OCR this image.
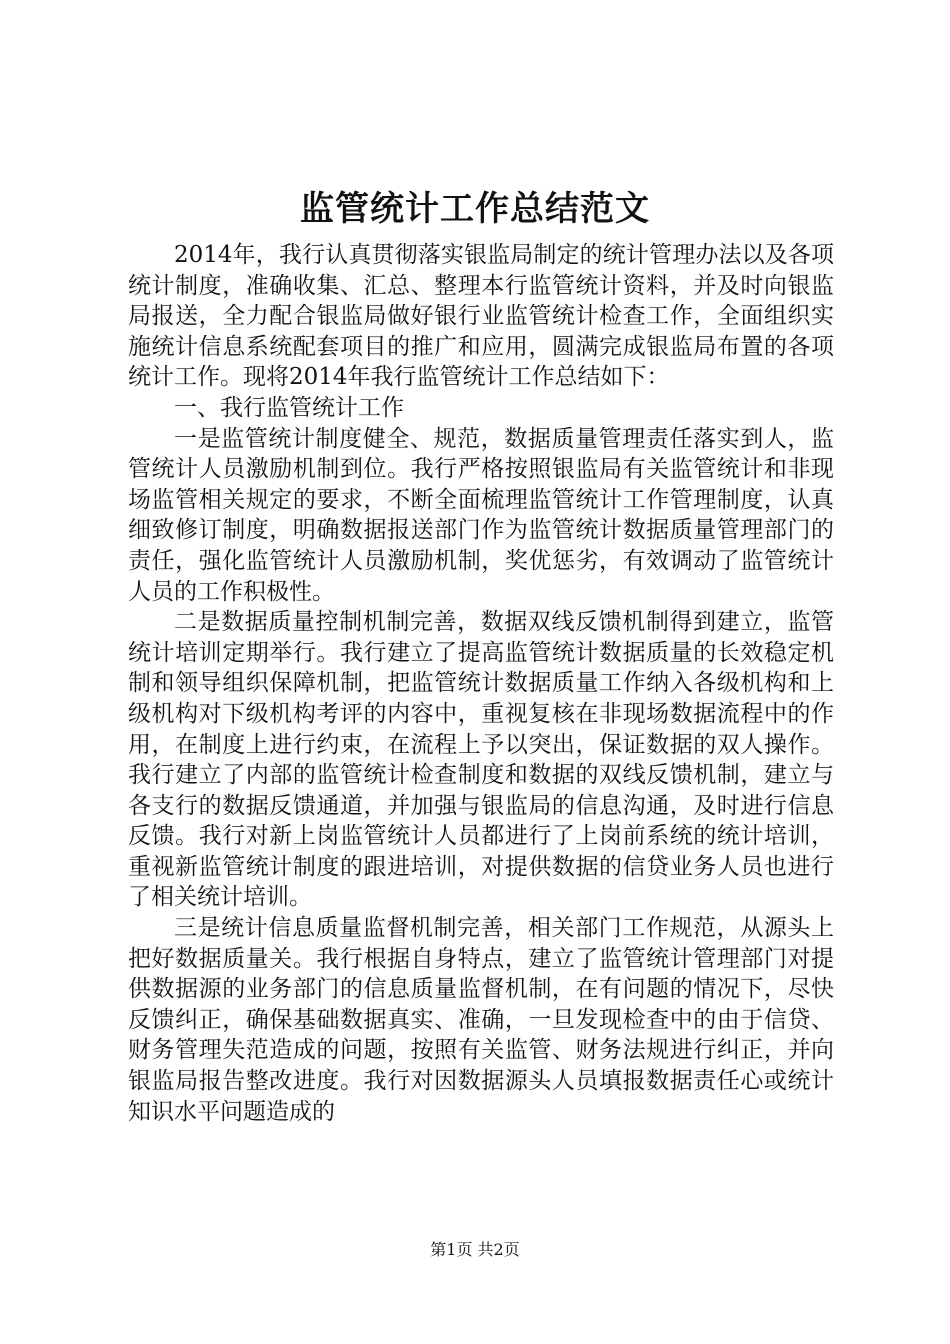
监管统计工作总结范文

2014年，我行认真贯彻落实银监局制定的统计管理办法以及各项统计制度，准确收集、汇总、整理本行监管统计资料，并及时向银监局报送，全力配合银监局做好银行业监管统计检查工作，全面组织实施统计信息系统配套项目的推广和应用，圆满完成银监局布置的各项统计工作。现将2014年我行监管统计工作总结如下：

一、我行监管统计工作

一是监管统计制度健全、规范，数据质量管理责任落实到人，监管统计人员激励机制到位。我行严格按照银监局有关监管统计和非现场监管相关规定的要求，不断全面梳理监管统计工作管理制度，认真细致修订制度，明确数据报送部门作为监管统计数据质量管理部门的责任，强化监管统计人员激励机制，奖优惩劣，有效调动了监管统计人员的工作积极性。

二是数据质量控制机制完善，数据双线反馈机制得到建立，监管统计培训定期举行。我行建立了提高监管统计数据质量的长效稳定机制和领导组织保障机制，把监管统计数据质量工作纳入各级机构和上级机构对下级机构考评的内容中，重视复核在非现场数据流程中的作用，在制度上进行约束，在流程上予以突出，保证数据的双人操作。我行建立了内部的监管统计检查制度和数据的双线反馈机制，建立与各支行的数据反馈通道，并加强与银监局的信息沟通，及时进行信息反馈。我行对新上岗监管统计人员都进行了上岗前系统的统计培训，重视新监管统计制度的跟进培训，对提供数据的信贷业务人员也进行了相关统计培训。

三是统计信息质量监督机制完善，相关部门工作规范，从源头上把好数据质量关。我行根据自身特点，建立了监管统计管理部门对提供数据源的业务部门的信息质量监督机制，在有问题的情况下，尽快反馈纠正，确保基础数据真实、准确，一旦发现检查中的由于信贷、财务管理失范造成的问题，按照有关监管、财务法规进行纠正，并向银监局报告整改进度。我行对因数据源头人员填报数据责任心或统计知识水平问题造成的

第1页 共2页
